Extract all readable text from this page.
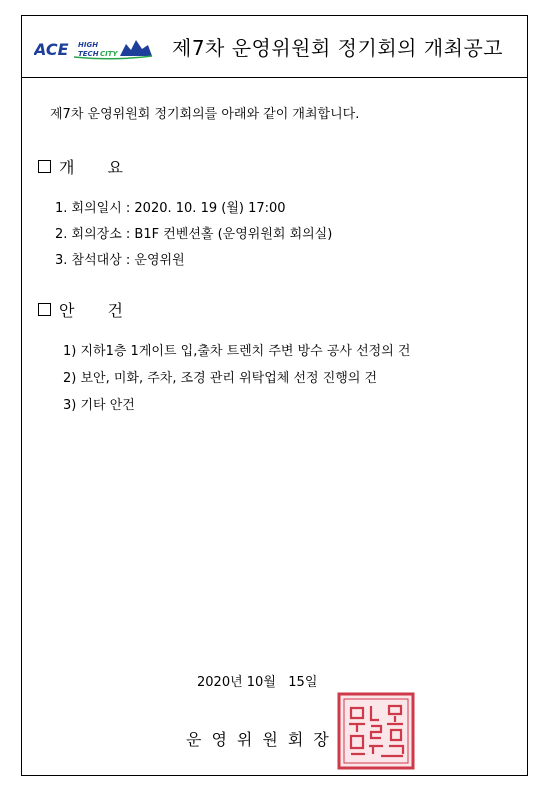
ACE HIGH
TECH CITY	제7차 운영위원회 정기회의 개최공고
제7차 운영위원회 정기회의를 아래와 같이 개최합니다.
개 요
1. 회의일시 : 2020. 10. 19 (월) 17:00
2. 회의장소 : B1F 컨벤션홀 (운영위원회 회의실)
3. 참석대상 : 운영위원
안 건
1) 지하1층 1게이트 입,출차 트렌치 주변 방수 공사 선정의 건
2) 보안, 미화, 주차, 조경 관리 위탁업체 선정 진행의 건
3) 기타 안건
2020년 10월   15일
운영위원회장
